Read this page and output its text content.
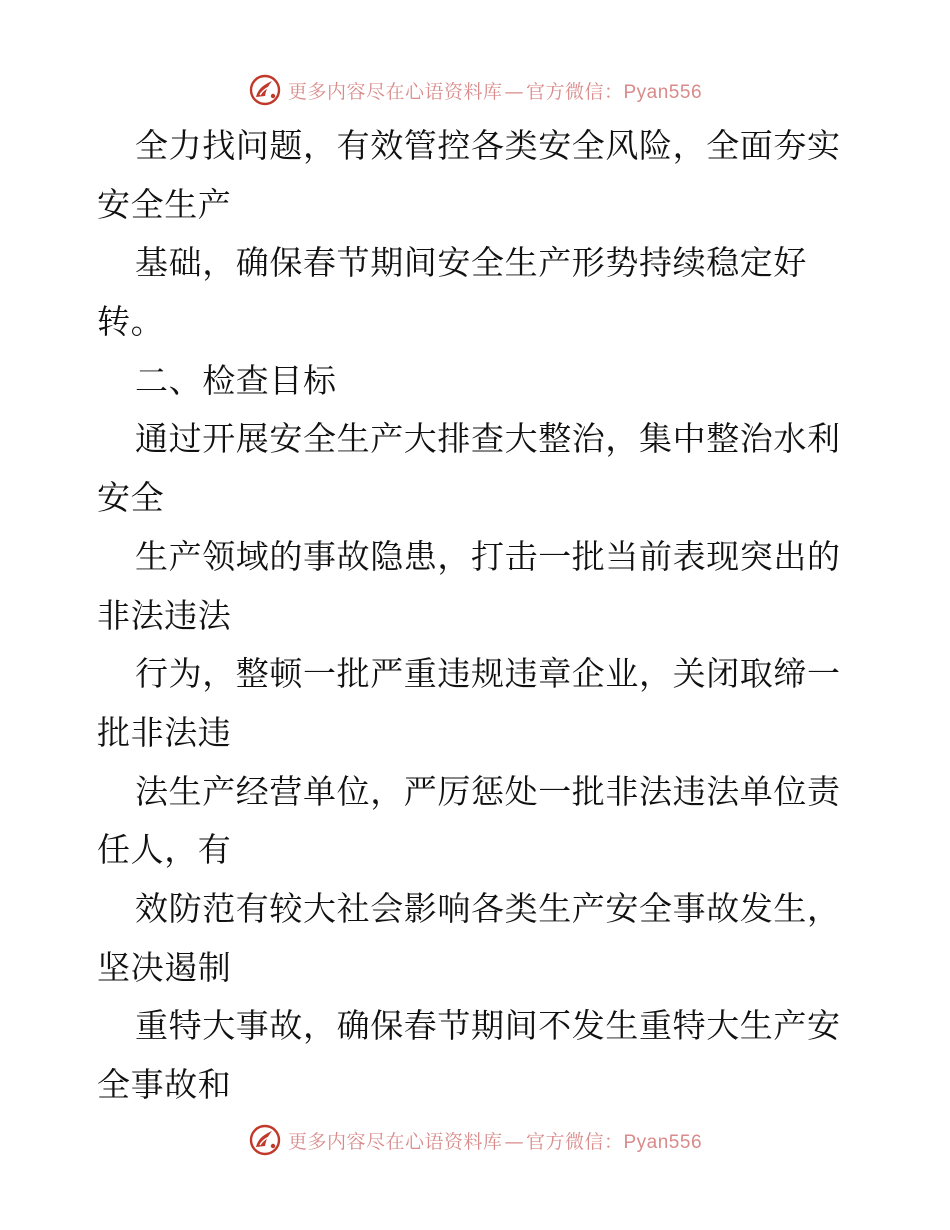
更多内容尽在心语资料库 — 官方微信：Pyan556
全力找问题，有效管控各类安全风险，全面夯实
安全生产
基础，确保春节期间安全生产形势持续稳定好
转。
二、检查目标
通过开展安全生产大排查大整治，集中整治水利
安全
生产领域的事故隐患，打击一批当前表现突出的
非法违法
行为，整顿一批严重违规违章企业，关闭取缔一
批非法违
法生产经营单位，严厉惩处一批非法违法单位责
任人，有
效防范有较大社会影响各类生产安全事故发生，
坚决遏制
重特大事故，确保春节期间不发生重特大生产安
全事故和
更多内容尽在心语资料库 — 官方微信：Pyan556
